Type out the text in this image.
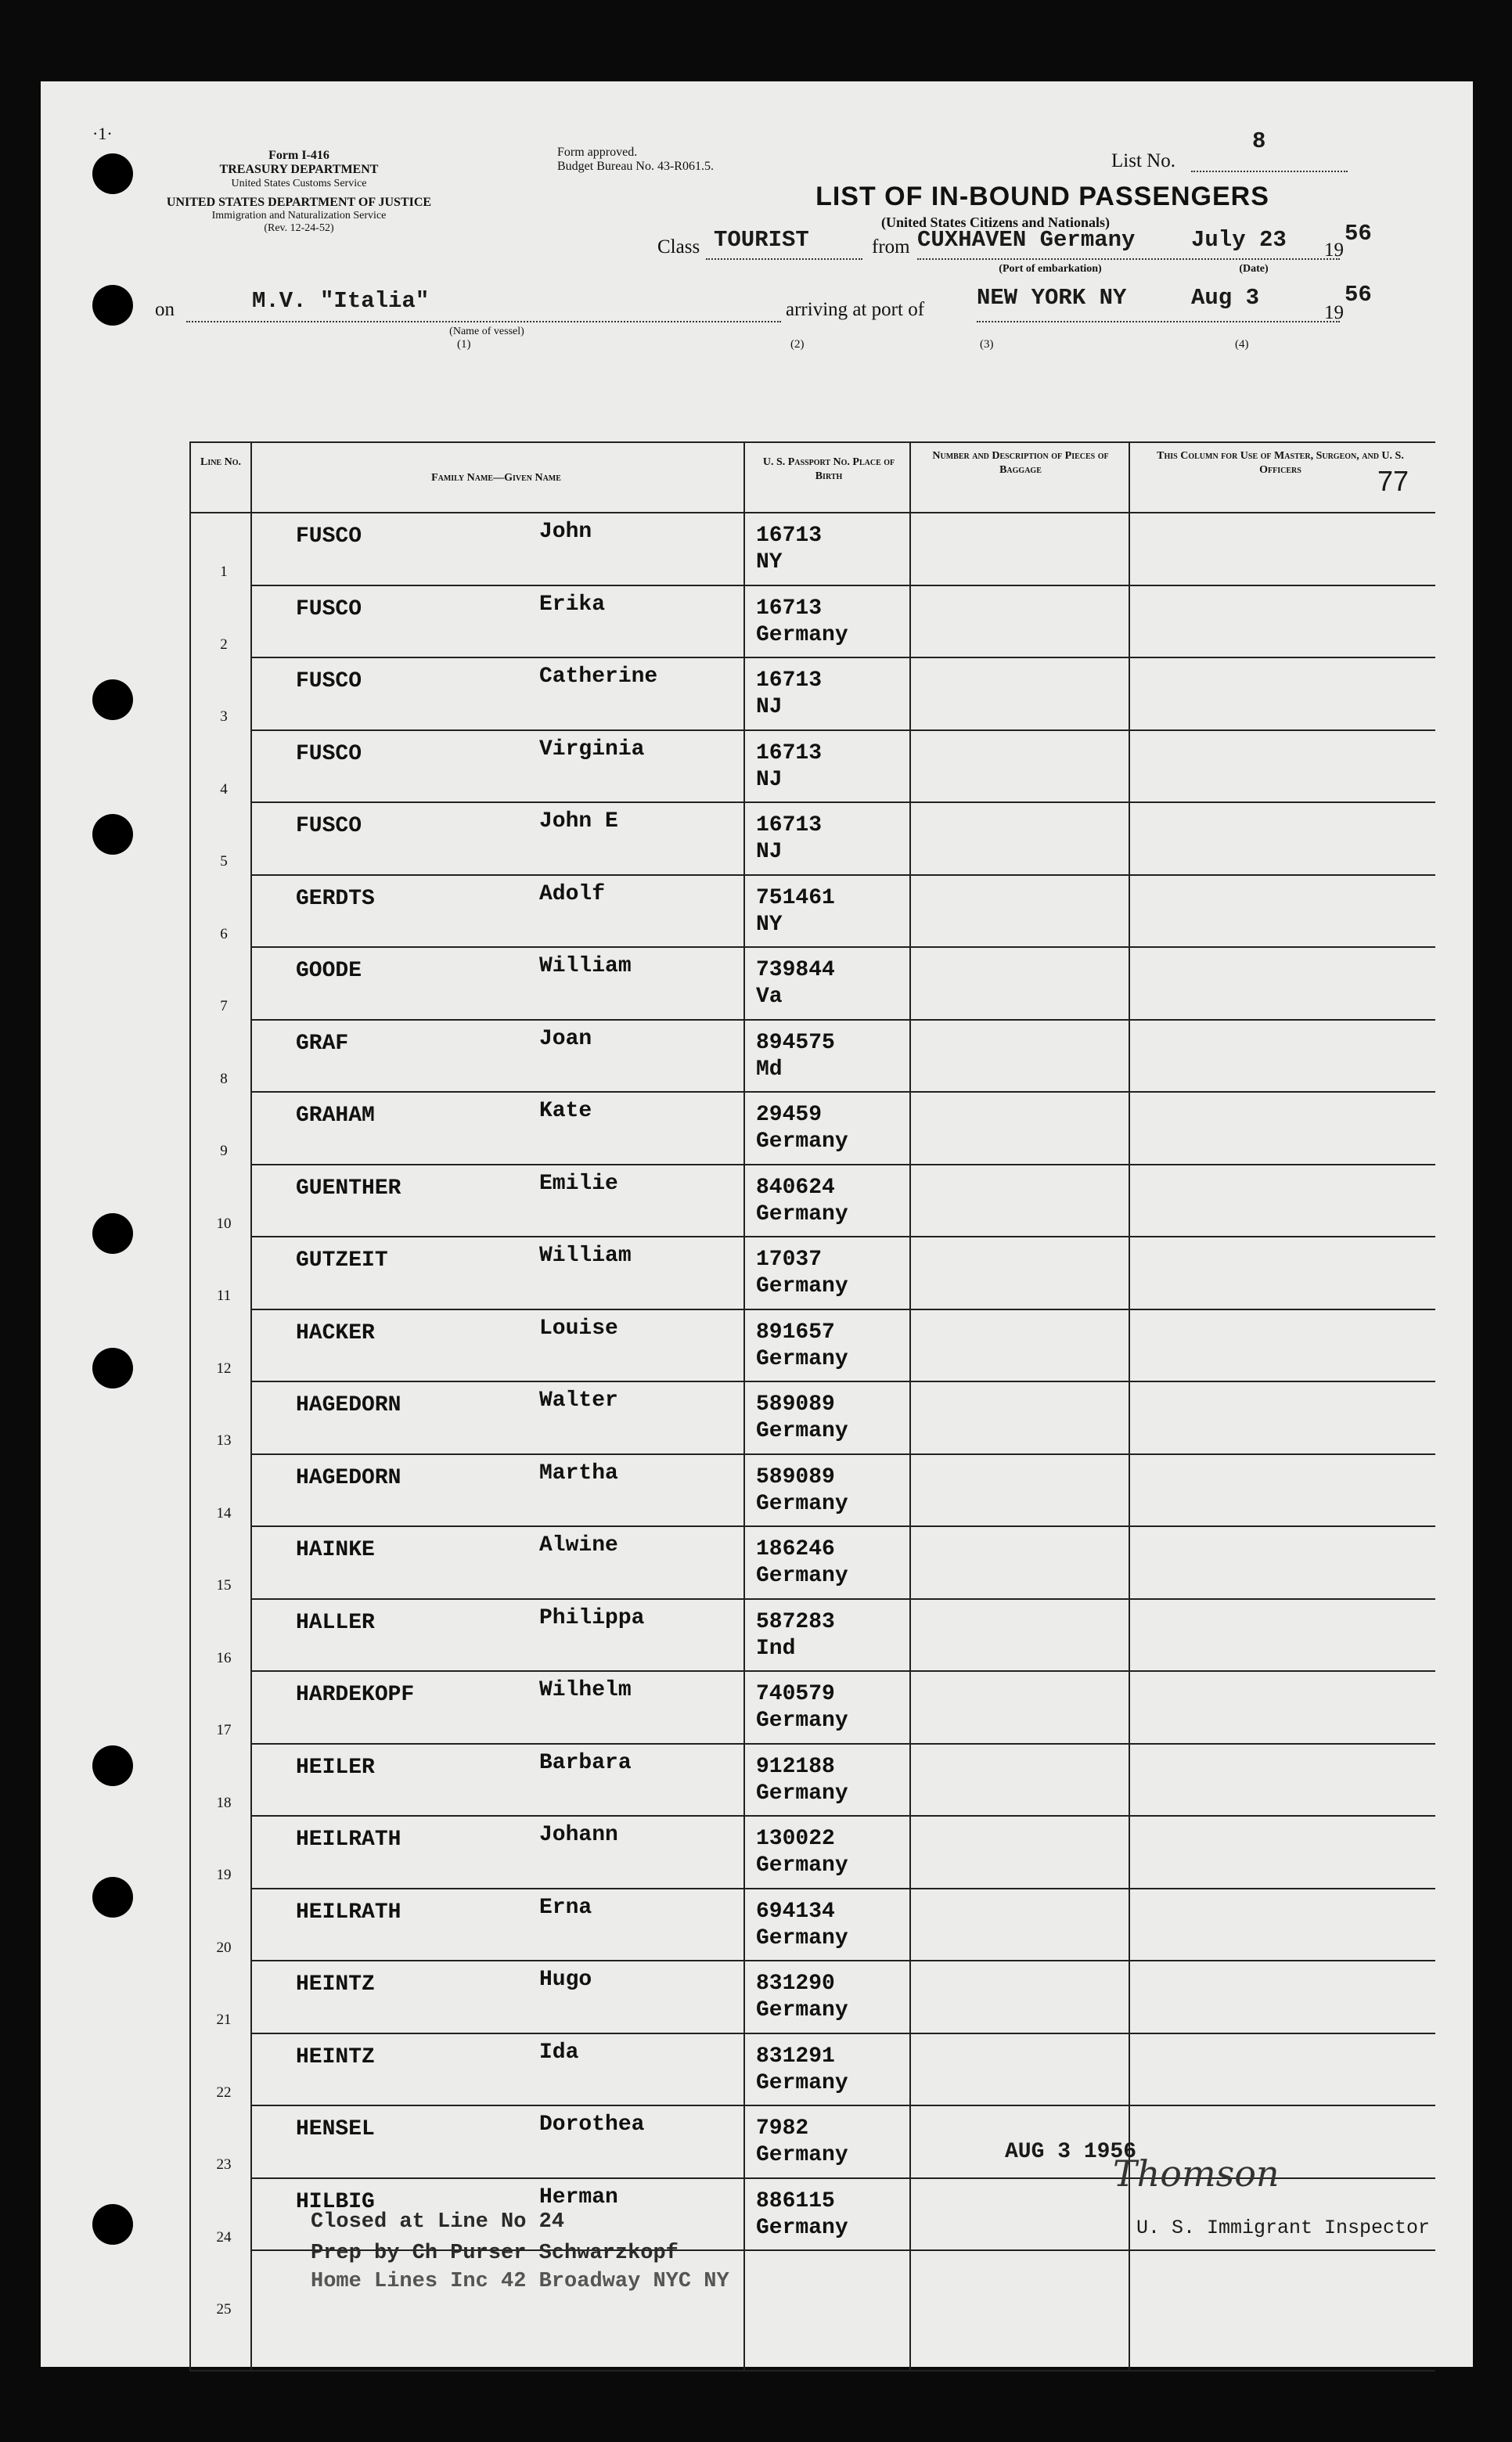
Form I-416
TREASURY DEPARTMENT
United States Customs Service
UNITED STATES DEPARTMENT OF JUSTICE
Immigration and Naturalization Service
(Rev. 12-24-52)
·1·
Form approved.
Budget Bureau No. 43-R061.5.	List No.
8
LIST OF IN-BOUND PASSENGERS
(United States Citizens and Nationals)
Class TOURIST	from CUXHAVEN Germany July 23 19
56
(Port of embarkation)	(Date)
on	M.V. "Italia"
(Name of vessel)
arriving at port of NEW YORK NY	Aug 3
19
56
(1)	(2)	(3)	(4)
77
Line No.
Family Name—Given Name
U. S. Passport No. Place of Birth
Number and Description of Pieces of Baggage
This Column for Use of Master, Surgeon, and U. S. Officers
1
FUSCO	John	16713
NY
2
FUSCO	Erika	16713
Germany
3
FUSCO	Catherine	16713
NJ
4
FUSCO	Virginia	16713
NJ
5
FUSCO	John E	16713
NJ
6
GERDTS	Adolf	751461
NY
7
GOODE	William	739844
Va
8
GRAF	Joan	894575
Md
9
GRAHAM	Kate	29459
Germany
10
GUENTHER	Emilie	840624
Germany
11
GUTZEIT	William	17037
Germany
12
HACKER	Louise	891657
Germany
13
HAGEDORN	Walter	589089
Germany
14
HAGEDORN	Martha	589089
Germany
15
HAINKE	Alwine	186246
Germany
16
HALLER	Philippa	587283
Ind
17
HARDEKOPF	Wilhelm	740579
Germany
18
HEILER	Barbara	912188
Germany
19
HEILRATH	Johann	130022
Germany
20
HEILRATH	Erna	694134
Germany
21
HEINTZ	Hugo	831290
Germany
22
HEINTZ	Ida	831291
Germany
23
HENSEL	Dorothea	7982
Germany
24
HILBIG	Herman	886115
Germany
25
Closed at Line No 24
Prep by Ch Purser Schwarzkopf
Home Lines Inc 42 Broadway NYC NY
AUG 3 1956
Thomson
U. S. Immigrant Inspector
